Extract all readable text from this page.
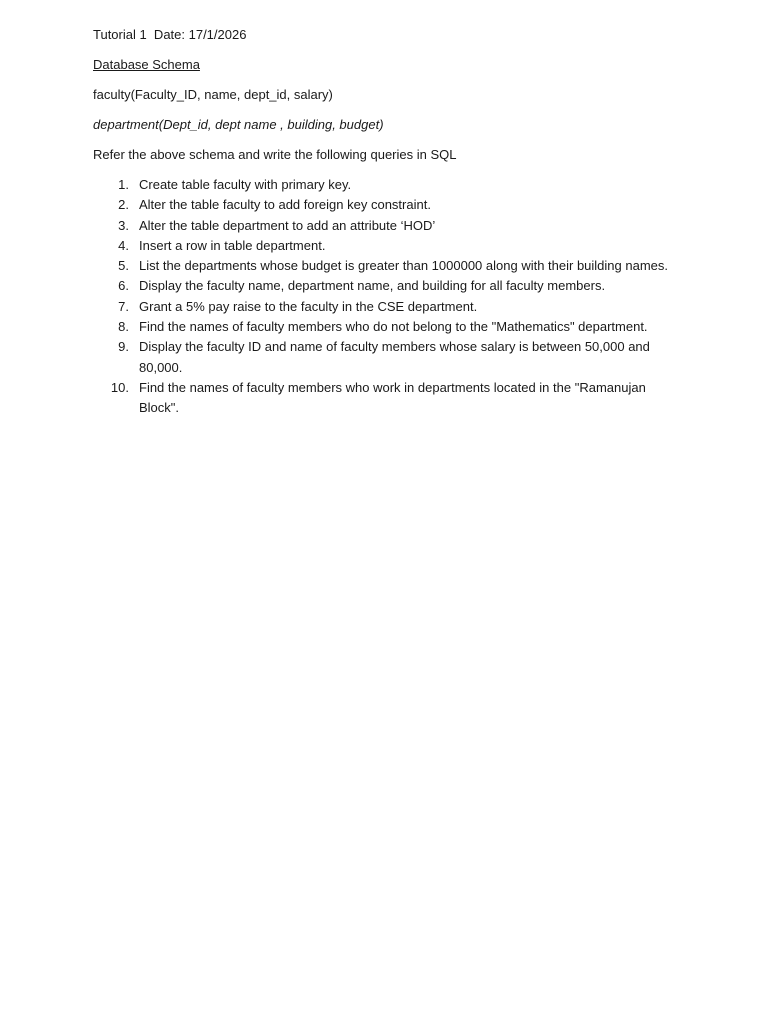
Tutorial 1  Date: 17/1/2026

Database Schema

faculty(Faculty_ID, name, dept_id, salary)

department(Dept_id, dept name , building, budget)

Refer the above schema and write the following queries in SQL

1. Create table faculty with primary key.
2. Alter the table faculty to add foreign key constraint.
3. Alter the table department to add an attribute ‘HOD’
4. Insert a row in table department.
5. List the departments whose budget is greater than 1000000 along with their building names.
6. Display the faculty name, department name, and building for all faculty members.
7. Grant a 5% pay raise to the faculty in the CSE department.
8. Find the names of faculty members who do not belong to the "Mathematics" department.
9. Display the faculty ID and name of faculty members whose salary is between 50,000 and 80,000.
10. Find the names of faculty members who work in departments located in the "Ramanujan Block".
